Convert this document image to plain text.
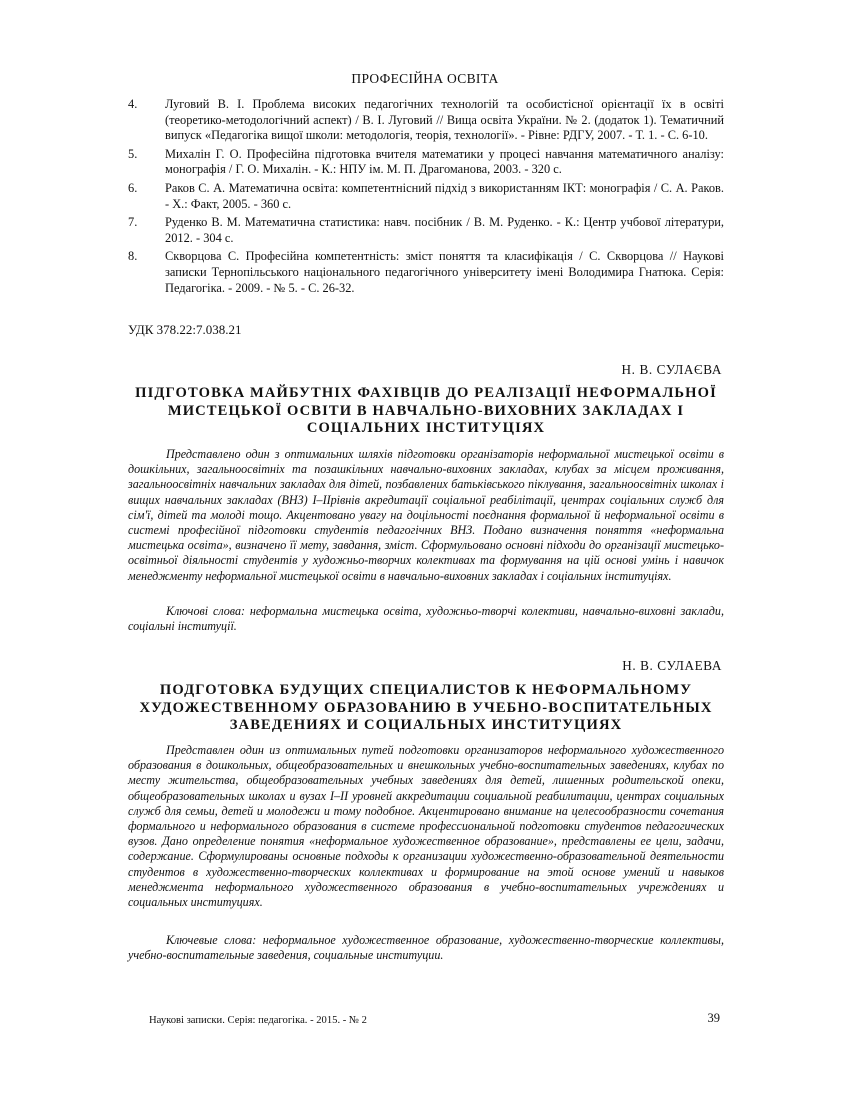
ПРОФЕСІЙНА ОСВІТА
4.	Луговий В. І. Проблема високих педагогічних технологій та особистісної орієнтації їх в освіті (теоретико-методологічний аспект) / В. І. Луговий // Вища освіта України. № 2. (додаток 1). Тематичний випуск «Педагогіка вищої школи: методологія, теорія, технології». - Рівне: РДГУ, 2007. - Т. 1. - С. 6-10.
5.	Михалін Г. О. Професійна підготовка вчителя математики у процесі навчання математичного аналізу: монографія / Г. О. Михалін. - К.: НПУ ім. М. П. Драгоманова, 2003. - 320 с.
6.	Раков С. А. Математична освіта: компетентнісний підхід з використанням ІКТ: монографія / С. А. Раков. - Х.: Факт, 2005. - 360 с.
7.	Руденко В. М. Математична статистика: навч. посібник / В. М. Руденко. - К.: Центр учбової літератури, 2012. - 304 с.
8.	Скворцова С. Професійна компетентність: зміст поняття та класифікація / С. Скворцова // Наукові записки Тернопільського національного педагогічного університету імені Володимира Гнатюка. Серія: Педагогіка. - 2009. - № 5. - С. 26-32.
УДК 378.22:7.038.21
Н. В. СУЛАЄВА
ПІДГОТОВКА МАЙБУТНІХ ФАХІВЦІВ ДО РЕАЛІЗАЦІЇ НЕФОРМАЛЬНОЇ МИСТЕЦЬКОЇ ОСВІТИ В НАВЧАЛЬНО-ВИХОВНИХ ЗАКЛАДАХ І СОЦІАЛЬНИХ ІНСТИТУЦІЯХ

Представлено один з оптимальних шляхів підготовки організаторів неформальної мистецької освіти в дошкільних, загальноосвітніх та позашкільних навчально-виховних закладах, клубах за місцем проживання, загальноосвітніх навчальних закладах для дітей, позбавлених батьківського піклування, загальноосвітніх школах і вищих навчальних закладах (ВНЗ) І–ІІрівнів акредитації соціальної реабілітації, центрах соціальних служб для сім'ї, дітей та молоді тощо. Акцентовано увагу на доцільності поєднання формальної й неформальної освіти в системі професійної підготовки студентів педагогічних ВНЗ. Подано визначення поняття «неформальна мистецька освіта», визначено її мету, завдання, зміст. Сформульовано основні підходи до організації мистецько-освітньої діяльності студентів у художньо-творчих колективах та формування на цій основі умінь і навичок менеджменту неформальної мистецької освіти в навчально-виховних закладах і соціальних інституціях.

Ключові слова: неформальна мистецька освіта, художньо-творчі колективи, навчально-виховні заклади, соціальні інституції.

Н. В. СУЛАЕВА
ПОДГОТОВКА БУДУЩИХ СПЕЦИАЛИСТОВ К НЕФОРМАЛЬНОМУ ХУДОЖЕСТВЕННОМУ ОБРАЗОВАНИЮ В УЧЕБНО-ВОСПИТАТЕЛЬНЫХ ЗАВЕДЕНИЯХ И СОЦИАЛЬНЫХ ИНСТИТУЦИЯХ

Представлен один из оптимальных путей подготовки организаторов неформального художественного образования в дошкольных, общеобразовательных и внешкольных учебно-воспитательных заведениях, клубах по месту жительства, общеобразовательных учебных заведениях для детей, лишенных родительской опеки, общеобразовательных школах и вузах І–ІІ уровней аккредитации социальной реабилитации, центрах социальных служб для семьи, детей и молодежи и тому подобное. Акцентировано внимание на целесообразности сочетания формального и неформального образования в системе профессиональной подготовки студентов педагогических вузов. Дано определение понятия «неформальное художественное образование», представлены ее цели, задачи, содержание. Сформулированы основные подходы к организации художественно-образовательной деятельности студентов в художественно-творческих коллективах и формирование на этой основе умений и навыков менеджмента неформального художественного образования в учебно-воспитательных учреждениях и социальных институциях.

Ключевые слова: неформальное художественное образование, художественно-творческие коллективы, учебно-воспитательные заведения, социальные институции.

Наукові записки. Серія: педагогіка. - 2015. - № 2	39
